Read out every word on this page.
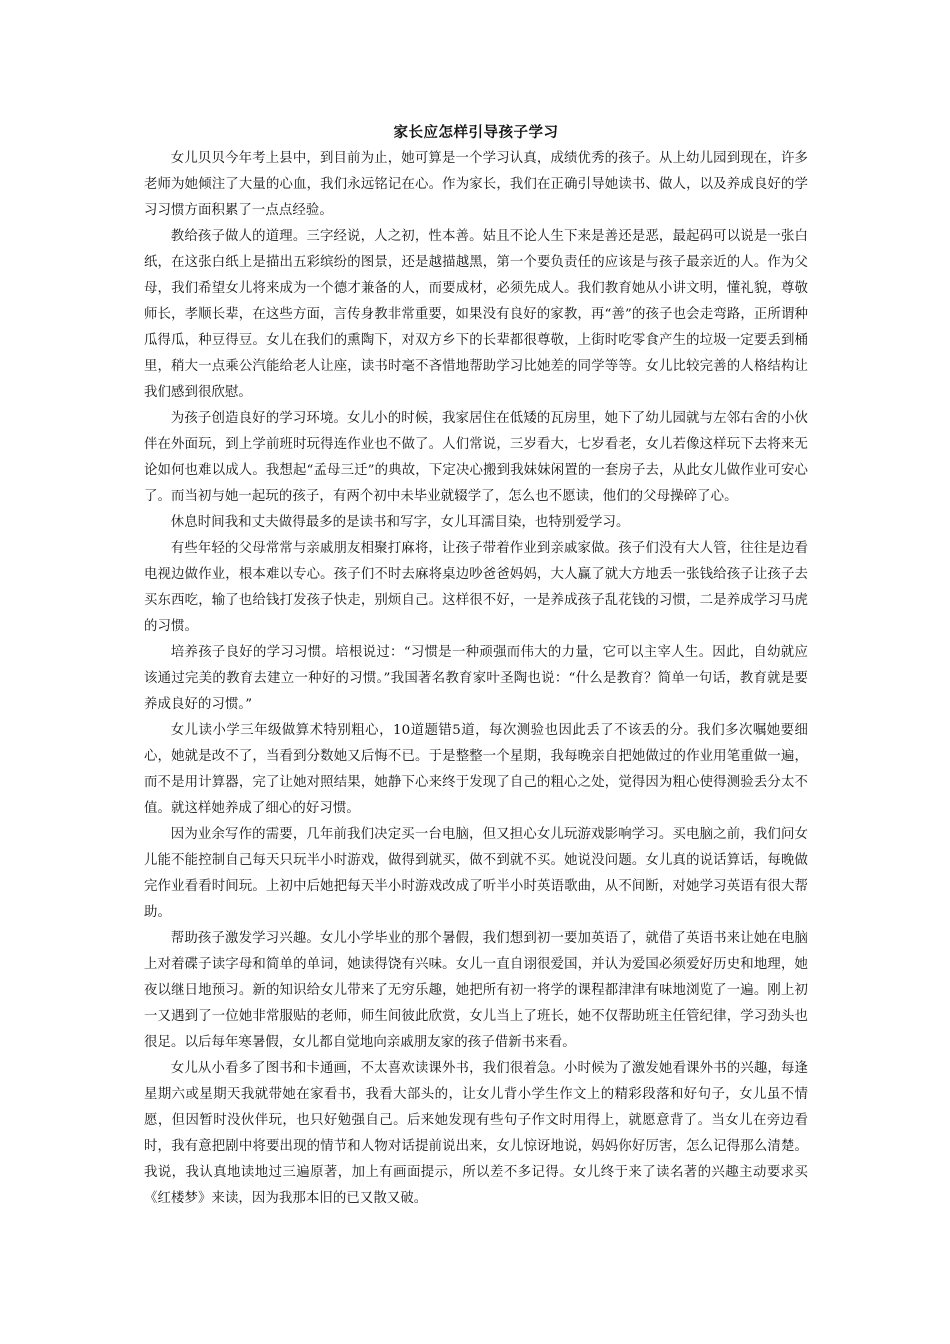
家长应怎样引导孩子学习

女儿贝贝今年考上县中，到目前为止，她可算是一个学习认真，成绩优秀的孩子。从上幼儿园到现在，许多老师为她倾注了大量的心血，我们永远铭记在心。作为家长，我们在正确引导她读书、做人，以及养成良好的学习习惯方面积累了一点点经验。

教给孩子做人的道理。三字经说，人之初，性本善。姑且不论人生下来是善还是恶，最起码可以说是一张白纸，在这张白纸上是描出五彩缤纷的图景，还是越描越黑，第一个要负责任的应该是与孩子最亲近的人。作为父母，我们希望女儿将来成为一个德才兼备的人，而要成材，必须先成人。我们教育她从小讲文明，懂礼貌，尊敬师长，孝顺长辈，在这些方面，言传身教非常重要，如果没有良好的家教，再“善”的孩子也会走弯路，正所谓种瓜得瓜，种豆得豆。女儿在我们的熏陶下，对双方乡下的长辈都很尊敬，上街时吃零食产生的垃圾一定要丢到桶里，稍大一点乘公汽能给老人让座，读书时毫不吝惜地帮助学习比她差的同学等等。女儿比较完善的人格结构让我们感到很欣慰。

为孩子创造良好的学习环境。女儿小的时候，我家居住在低矮的瓦房里，她下了幼儿园就与左邻右舍的小伙伴在外面玩，到上学前班时玩得连作业也不做了。人们常说，三岁看大，七岁看老，女儿若像这样玩下去将来无论如何也难以成人。我想起“孟母三迁”的典故，下定决心搬到我妹妹闲置的一套房子去，从此女儿做作业可安心了。而当初与她一起玩的孩子，有两个初中未毕业就辍学了，怎么也不愿读，他们的父母操碎了心。

休息时间我和丈夫做得最多的是读书和写字，女儿耳濡目染，也特别爱学习。

有些年轻的父母常常与亲戚朋友相聚打麻将，让孩子带着作业到亲戚家做。孩子们没有大人管，往往是边看电视边做作业，根本难以专心。孩子们不时去麻将桌边吵爸爸妈妈，大人赢了就大方地丢一张钱给孩子让孩子去买东西吃，输了也给钱打发孩子快走，别烦自己。这样很不好，一是养成孩子乱花钱的习惯，二是养成学习马虎的习惯。

培养孩子良好的学习习惯。培根说过：“习惯是一种顽强而伟大的力量，它可以主宰人生。因此，自幼就应该通过完美的教育去建立一种好的习惯。”我国著名教育家叶圣陶也说：“什么是教育？简单一句话，教育就是要养成良好的习惯。”

女儿读小学三年级做算术特别粗心，10道题错5道，每次测验也因此丢了不该丢的分。我们多次嘱她要细心，她就是改不了，当看到分数她又后悔不已。于是整整一个星期，我每晚亲自把她做过的作业用笔重做一遍，而不是用计算器，完了让她对照结果，她静下心来终于发现了自己的粗心之处，觉得因为粗心使得测验丢分太不值。就这样她养成了细心的好习惯。

因为业余写作的需要，几年前我们决定买一台电脑，但又担心女儿玩游戏影响学习。买电脑之前，我们问女儿能不能控制自己每天只玩半小时游戏，做得到就买，做不到就不买。她说没问题。女儿真的说话算话，每晚做完作业看看时间玩。上初中后她把每天半小时游戏改成了听半小时英语歌曲，从不间断，对她学习英语有很大帮助。

帮助孩子激发学习兴趣。女儿小学毕业的那个暑假，我们想到初一要加英语了，就借了英语书来让她在电脑上对着碟子读字母和简单的单词，她读得饶有兴味。女儿一直自诩很爱国，并认为爱国必须爱好历史和地理，她夜以继日地预习。新的知识给女儿带来了无穷乐趣，她把所有初一将学的课程都津津有味地浏览了一遍。刚上初一又遇到了一位她非常服贴的老师，师生间彼此欣赏，女儿当上了班长，她不仅帮助班主任管纪律，学习劲头也很足。以后每年寒暑假，女儿都自觉地向亲戚朋友家的孩子借新书来看。

女儿从小看多了图书和卡通画，不太喜欢读课外书，我们很着急。小时候为了激发她看课外书的兴趣，每逢星期六或星期天我就带她在家看书，我看大部头的，让女儿背小学生作文上的精彩段落和好句子，女儿虽不情愿，但因暂时没伙伴玩，也只好勉强自己。后来她发现有些句子作文时用得上，就愿意背了。当女儿在旁边看时，我有意把剧中将要出现的情节和人物对话提前说出来，女儿惊讶地说，妈妈你好厉害，怎么记得那么清楚。我说，我认真地读地过三遍原著，加上有画面提示，所以差不多记得。女儿终于来了读名著的兴趣主动要求买《红楼梦》来读，因为我那本旧的已又散又破。
